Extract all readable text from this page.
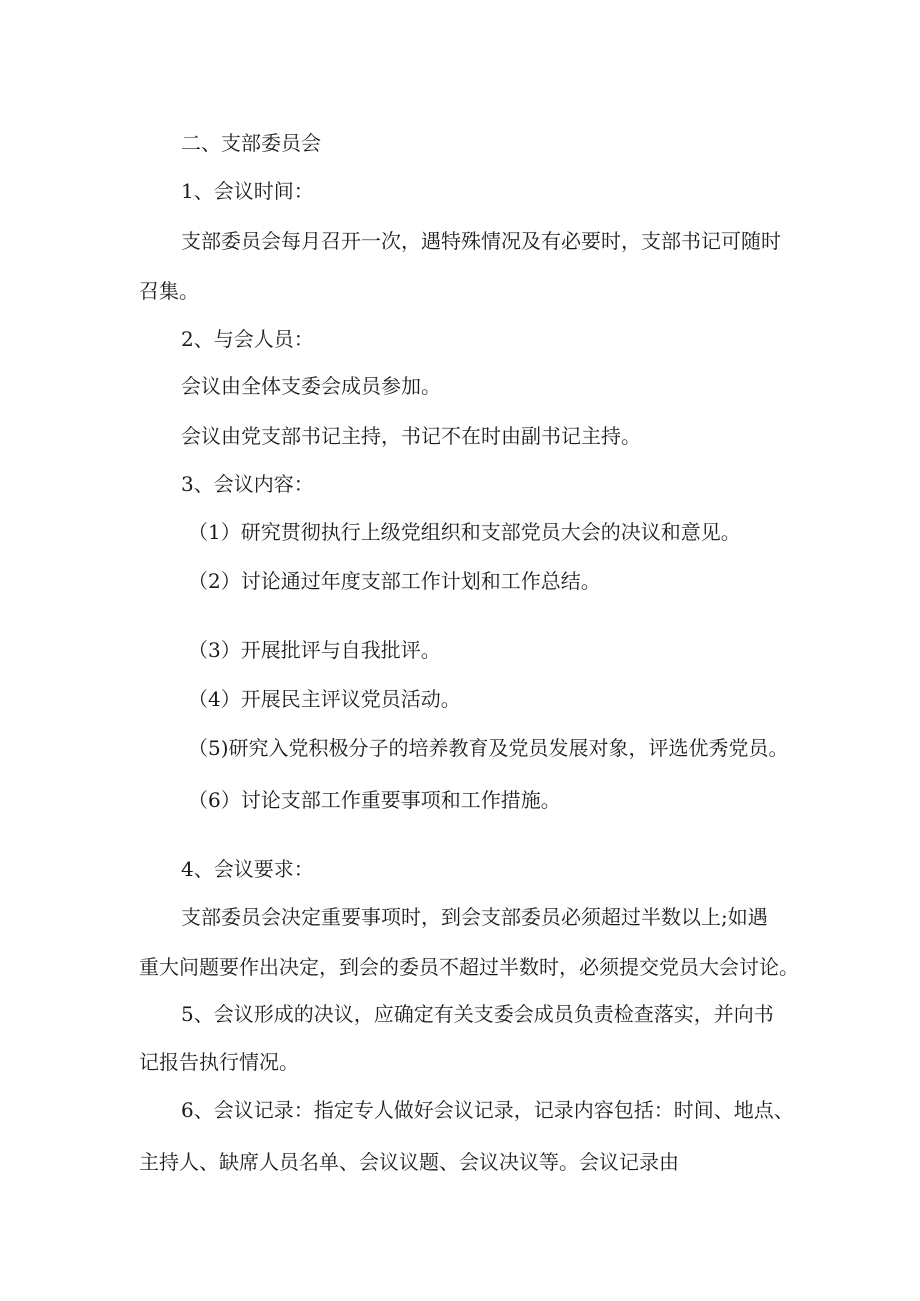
二、支部委员会
1、会议时间：
支部委员会每月召开一次，遇特殊情况及有必要时，支部书记可随时
召集。
2、与会人员：
会议由全体支委会成员参加。
会议由党支部书记主持，书记不在时由副书记主持。
3、会议内容：
（1）研究贯彻执行上级党组织和支部党员大会的决议和意见。
（2）讨论通过年度支部工作计划和工作总结。
（3）开展批评与自我批评。
（4）开展民主评议党员活动。
（5)研究入党积极分子的培养教育及党员发展对象，评选优秀党员。
（6）讨论支部工作重要事项和工作措施。
4、会议要求：
支部委员会决定重要事项时，到会支部委员必须超过半数以上;如遇
重大问题要作出决定，到会的委员不超过半数时，必须提交党员大会讨论。
5、会议形成的决议，应确定有关支委会成员负责检查落实，并向书
记报告执行情况。
6、会议记录：指定专人做好会议记录，记录内容包括：时间、地点、
主持人、缺席人员名单、会议议题、会议决议等。会议记录由
